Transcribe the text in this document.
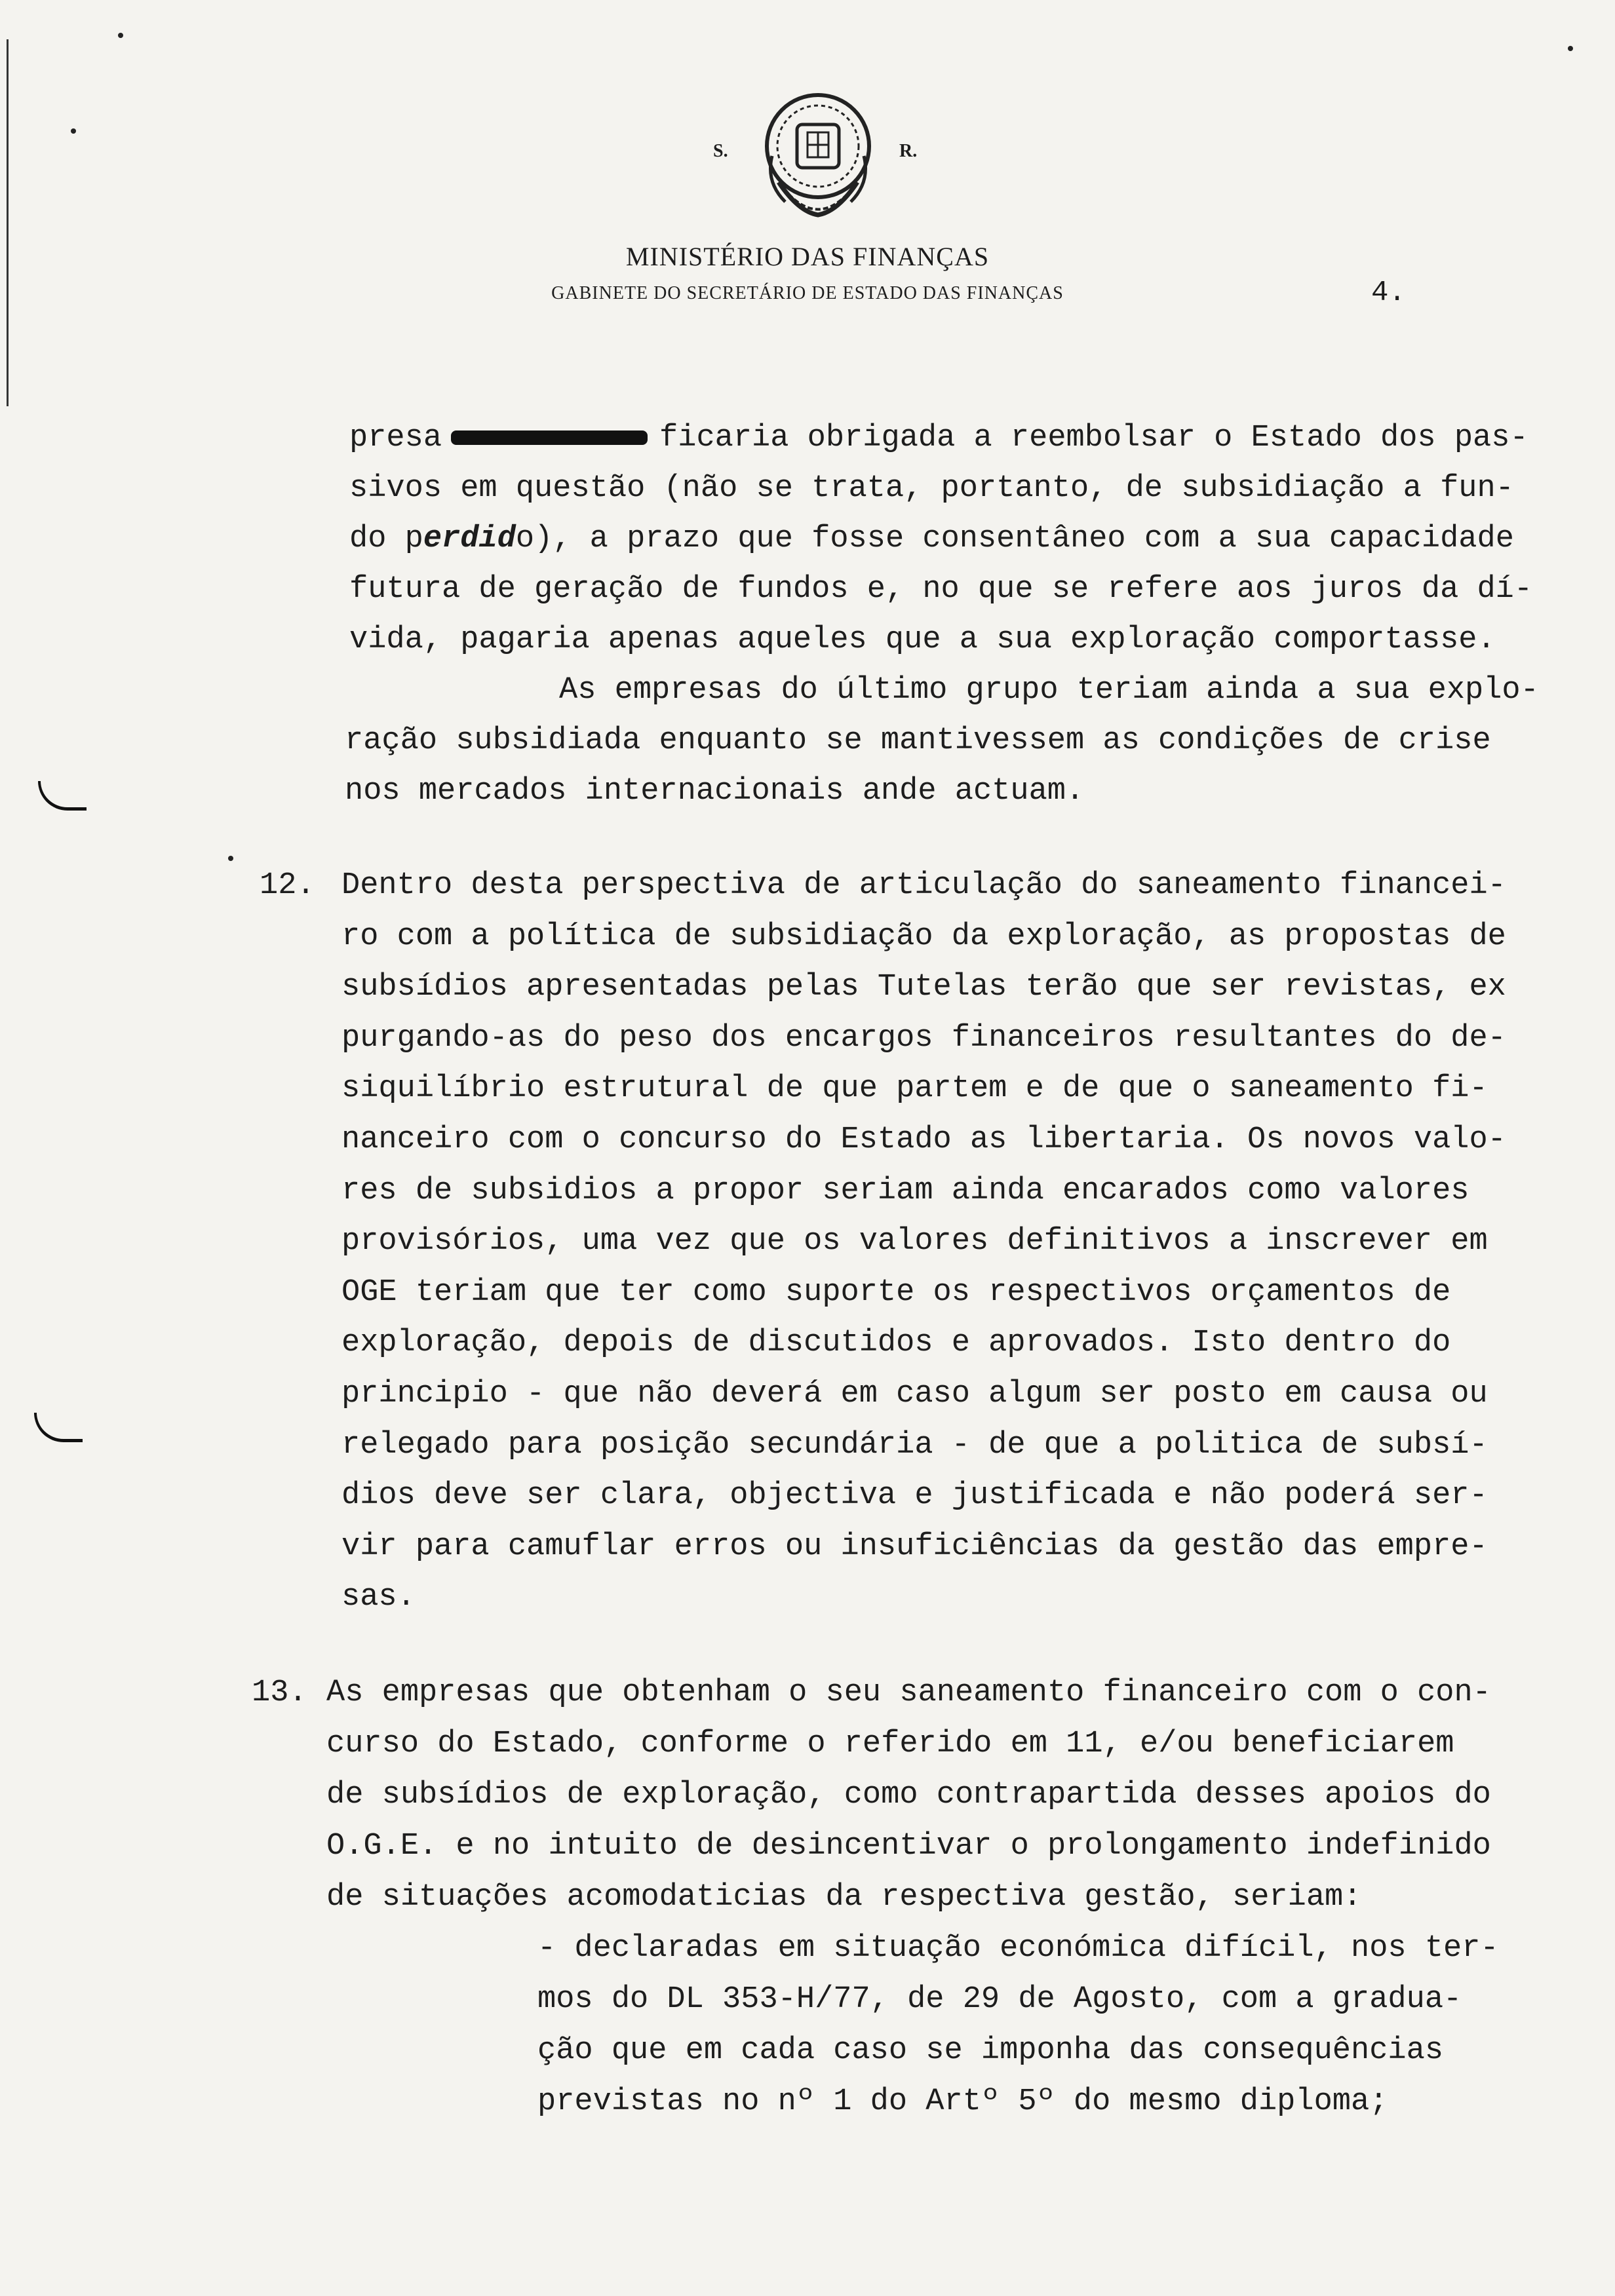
S.	R.
MINISTÉRIO DAS FINANÇAS
GABINETE DO SECRETÁRIO DE ESTADO DAS FINANÇAS	4.
presa	ficaria obrigada a reembolsar o Estado dos pas-
sivos em questão (não se trata, portanto, de subsidiação a fun-
do perdido), a prazo que fosse consentâneo com a sua capacidade
futura de geração de fundos e, no que se refere aos juros da dí-
vida, pagaria apenas aqueles que a sua exploração comportasse.
As empresas do último grupo teriam ainda a sua explo-
ração subsidiada enquanto se mantivessem as condições de crise
nos mercados internacionais ande actuam.
12. Dentro desta perspectiva de articulação do saneamento financei-
ro com a política de subsidiação da exploração, as propostas de
subsídios apresentadas pelas Tutelas terão que ser revistas, ex
purgando-as do peso dos encargos financeiros resultantes do de-
siquilíbrio estrutural de que partem e de que o saneamento fi-
nanceiro com o concurso do Estado as libertaria. Os novos valo-
res de subsidios a propor seriam ainda encarados como valores
provisórios, uma vez que os valores definitivos a inscrever em
OGE teriam que ter como suporte os respectivos orçamentos de
exploração, depois de discutidos e aprovados. Isto dentro do
principio - que não deverá em caso algum ser posto em causa ou
relegado para posição secundária - de que a politica de subsí-
dios deve ser clara, objectiva e justificada e não poderá ser-
vir para camuflar erros ou insuficiências da gestão das empre-
sas.
13. As empresas que obtenham o seu saneamento financeiro com o con-
curso do Estado, conforme o referido em 11, e/ou beneficiarem
de subsídios de exploração, como contrapartida desses apoios do
O.G.E. e no intuito de desincentivar o prolongamento indefinido
de situações acomodaticias da respectiva gestão, seriam:
- declaradas em situação económica difícil, nos ter-
mos do DL 353-H/77, de 29 de Agosto, com a gradua-
ção que em cada caso se imponha das consequências
previstas no nº 1 do Artº 5º do mesmo diploma;
